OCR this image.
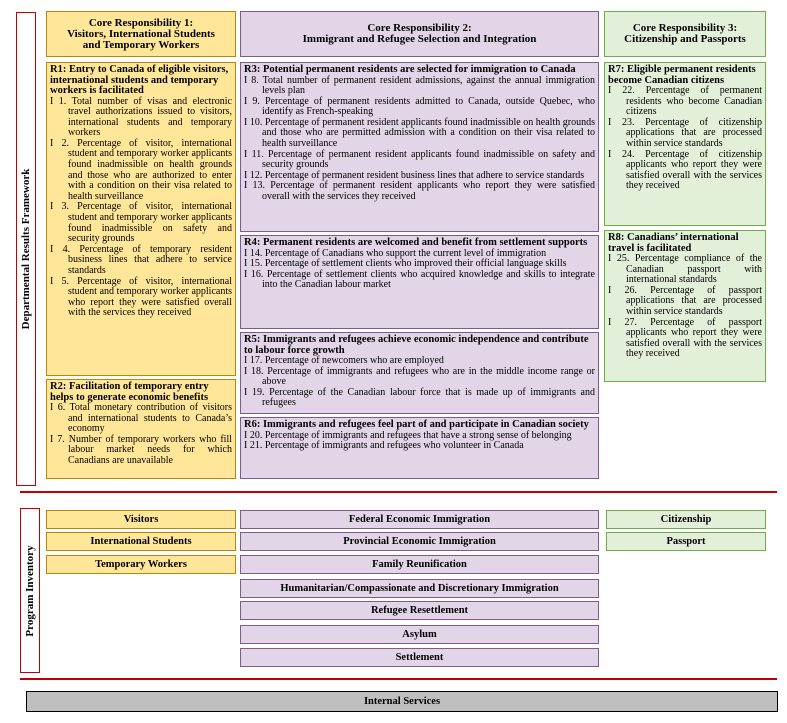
Departmental Results Framework
Program Inventory
Core Responsibility 1:
Visitors, International Students
and Temporary Workers
Core Responsibility 2:
Immigrant and Refugee Selection and Integration
Core Responsibility 3:
Citizenship and Passports
R1: Entry to Canada of eligible visitors, international students and temporary workers is facilitated
I 1. Total number of visas and electronic travel authorizations issued to visitors, international students and temporary workers
I 2. Percentage of visitor, international student and temporary worker applicants found inadmissible on health grounds and those who are authorized to enter with a condition on their visa related to health surveillance
I 3. Percentage of visitor, international student and temporary worker applicants found inadmissible on safety and security grounds
I 4. Percentage of temporary resident business lines that adhere to service standards
I 5. Percentage of visitor, international student and temporary worker applicants who report they were satisfied overall with the services they received
R2: Facilitation of temporary entry helps to generate economic benefits
I 6. Total monetary contribution of visitors and international students to Canada’s economy
I 7. Number of temporary workers who fill labour market needs for which Canadians are unavailable
R3: Potential permanent residents are selected for immigration to Canada
I 8. Total number of permanent resident admissions, against the annual immigration levels plan
I 9. Percentage of permanent residents admitted to Canada, outside Quebec, who identify as French-speaking
I 10. Percentage of permanent resident applicants found inadmissible on health grounds and those who are permitted admission with a condition on their visa related to health surveillance
I 11. Percentage of permanent resident applicants found inadmissible on safety and security grounds
I 12. Percentage of permanent resident business lines that adhere to service standards
I 13. Percentage of permanent resident applicants who report they were satisfied overall with the services they received
R4: Permanent residents are welcomed and benefit from settlement supports
I 14. Percentage of Canadians who support the current level of immigration
I 15. Percentage of settlement clients who improved their official language skills
I 16. Percentage of settlement clients who acquired knowledge and skills to integrate into the Canadian labour market
R5: Immigrants and refugees achieve economic independence and contribute to labour force growth
I 17. Percentage of newcomers who are employed
I 18. Percentage of immigrants and refugees who are in the middle income range or above
I 19. Percentage of the Canadian labour force that is made up of immigrants and refugees
R6: Immigrants and refugees feel part of and participate in Canadian society
I 20. Percentage of immigrants and refugees that have a strong sense of belonging
I 21. Percentage of immigrants and refugees who volunteer in Canada
R7: Eligible permanent residents become Canadian citizens
I 22. Percentage of permanent residents who become Canadian citizens
I 23. Percentage of citizenship applications that are processed within service standards
I 24. Percentage of citizenship applicants who report they were satisfied overall with the services they received
R8: Canadians’ international travel is facilitated
I 25. Percentage compliance of the Canadian passport with international standards
I 26. Percentage of passport applications that are processed within service standards
I 27. Percentage of passport applicants who report they were satisfied overall with the services they received
Visitors
International Students
Temporary Workers
Federal Economic Immigration
Provincial Economic Immigration
Family Reunification
Humanitarian/Compassionate and Discretionary Immigration
Refugee Resettlement
Asylum
Settlement
Citizenship
Passport
Internal Services
